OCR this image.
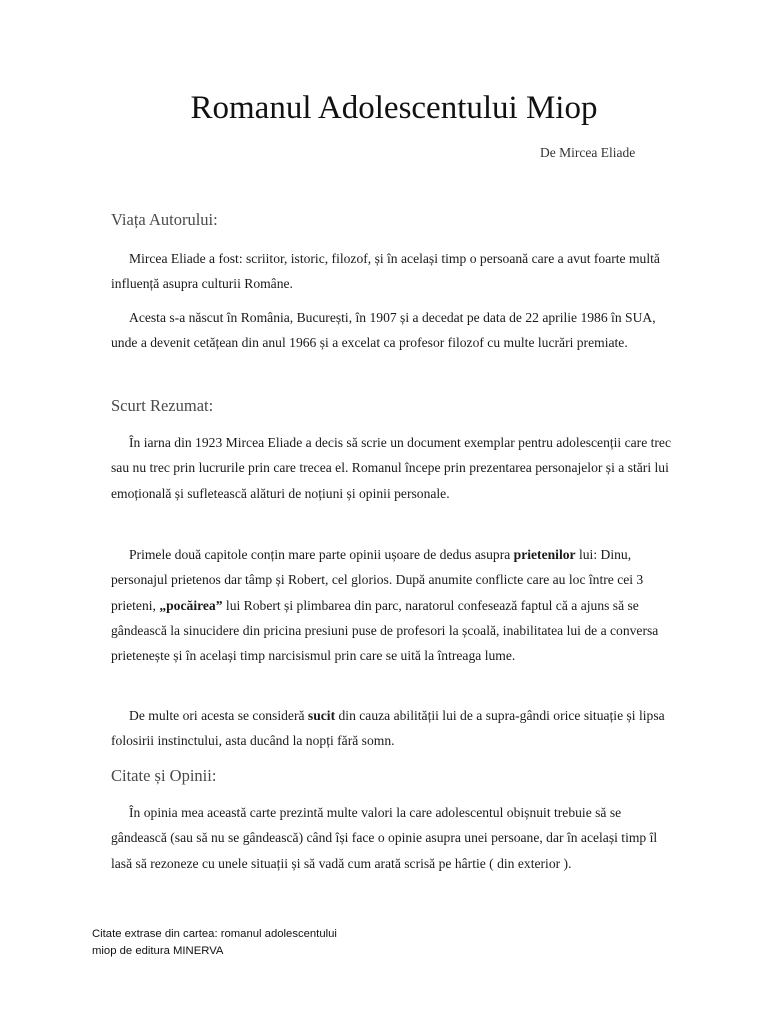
Romanul Adolescentului Miop

De Mircea Eliade

Viața Autorului:

Mircea Eliade a fost: scriitor, istoric, filozof, și în același timp o persoană care a avut foarte multă influență asupra culturii Române.

Acesta s-a născut în România, București, în 1907 și a decedat pe data de 22 aprilie 1986 în SUA, unde a devenit cetățean din anul 1966 și a excelat ca profesor filozof cu multe lucrări premiate.

Scurt Rezumat:

În iarna din 1923 Mircea Eliade a decis să scrie un document exemplar pentru adolescenții care trec sau nu trec prin lucrurile prin care trecea el. Romanul începe prin prezentarea personajelor și a stări lui emoțională și sufletească alături de noțiuni și opinii personale.

Primele două capitole conțin mare parte opinii ușoare de dedus asupra prietenilor lui: Dinu, personajul prietenos dar tâmp și Robert, cel glorios. După anumite conflicte care au loc între cei 3 prieteni, „pocăirea” lui Robert și plimbarea din parc, naratorul confesează faptul că a ajuns să se gândească la sinucidere din pricina presiuni puse de profesori la școală, inabilitatea lui de a conversa prietenește și în același timp narcisismul prin care se uită la întreaga lume.

De multe ori acesta se consideră sucit din cauza abilității lui de a supra-gândi orice situație și lipsa folosirii instinctului, asta ducând la nopți fără somn.

Citate și Opinii:

În opinia mea această carte prezintă multe valori la care adolescentul obișnuit trebuie să se gândească (sau să nu se gândească) când își face o opinie asupra unei persoane, dar în același timp îl lasă să rezoneze cu unele situații și să vadă cum arată scrisă pe hârtie ( din exterior ).

Citate extrase din cartea: romanul adolescentului
miop de editura MINERVA
